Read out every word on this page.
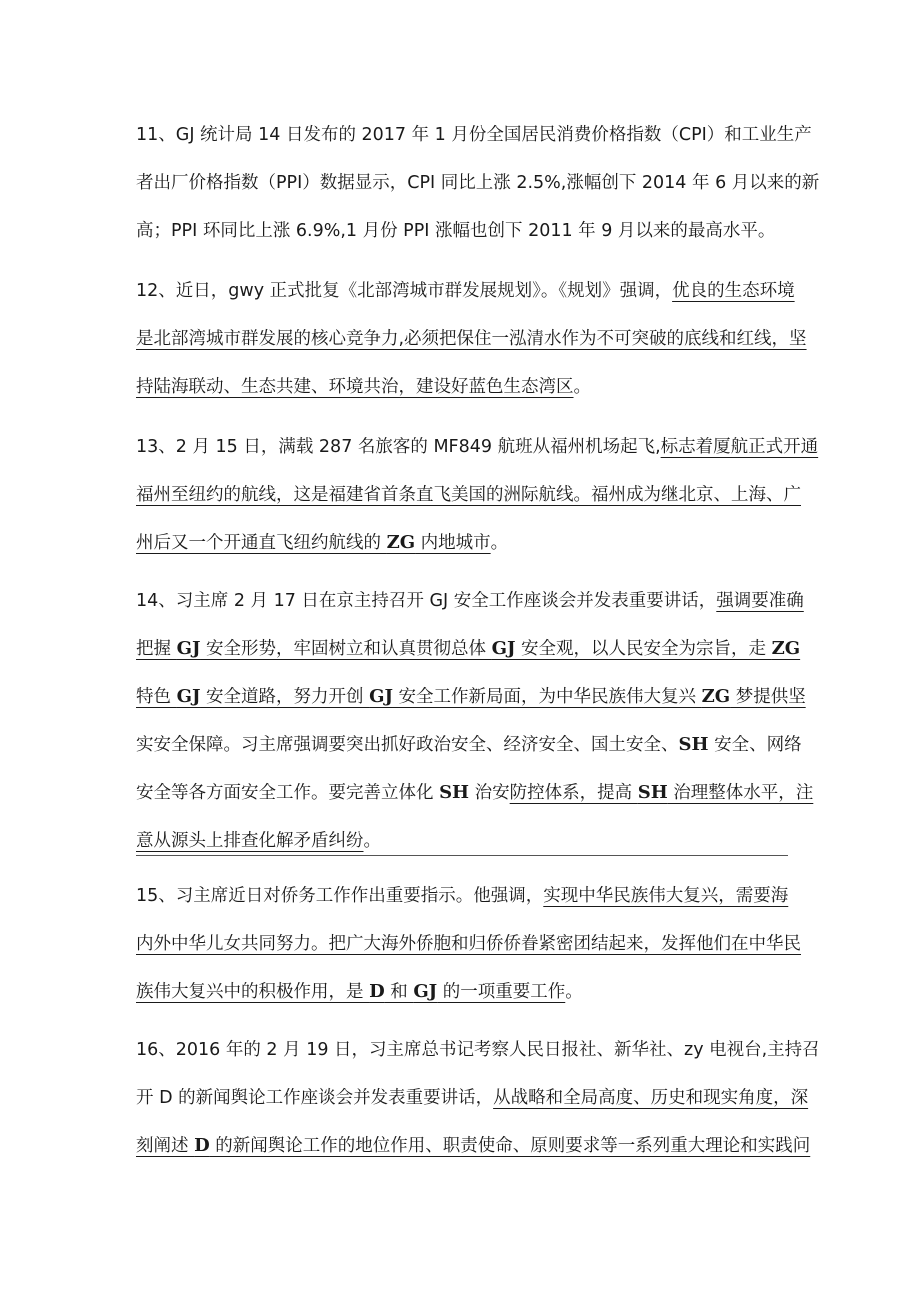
11、GJ 统计局 14 日发布的 2017 年 1 月份全国居民消费价格指数（CPI）和工业生产
者出厂价格指数（PPI）数据显示，CPI 同比上涨 2.5%,涨幅创下 2014 年 6 月以来的新
高；PPI 环同比上涨 6.9%,1 月份 PPI 涨幅也创下 2011 年 9 月以来的最高水平。
12、近日，gwy 正式批复《北部湾城市群发展规划》。《规划》强调，优良的生态环境
是北部湾城市群发展的核心竞争力,必须把保住一泓清水作为不可突破的底线和红线，坚
持陆海联动、生态共建、环境共治，建设好蓝色生态湾区。
13、2 月 15 日，满载 287 名旅客的 MF849 航班从福州机场起飞,标志着厦航正式开通
福州至纽约的航线，这是福建省首条直飞美国的洲际航线。福州成为继北京、上海、广
州后又一个开通直飞纽约航线的 ZG 内地城市。
14、习主席 2 月 17 日在京主持召开 GJ 安全工作座谈会并发表重要讲话，强调要准确
把握 GJ 安全形势，牢固树立和认真贯彻总体 GJ 安全观，以人民安全为宗旨，走 ZG
特色 GJ 安全道路，努力开创 GJ 安全工作新局面，为中华民族伟大复兴 ZG 梦提供坚
实安全保障。习主席强调要突出抓好政治安全、经济安全、国土安全、SH 安全、网络
安全等各方面安全工作。要完善立体化 SH 治安防控体系，提高 SH 治理整体水平，注
意从源头上排查化解矛盾纠纷。
15、习主席近日对侨务工作作出重要指示。他强调，实现中华民族伟大复兴，需要海
内外中华儿女共同努力。把广大海外侨胞和归侨侨眷紧密团结起来，发挥他们在中华民
族伟大复兴中的积极作用，是 D 和 GJ 的一项重要工作。
16、2016 年的 2 月 19 日，习主席总书记考察人民日报社、新华社、zy 电视台,主持召
开 D 的新闻舆论工作座谈会并发表重要讲话，从战略和全局高度、历史和现实角度，深
刻阐述 D 的新闻舆论工作的地位作用、职责使命、原则要求等一系列重大理论和实践问
